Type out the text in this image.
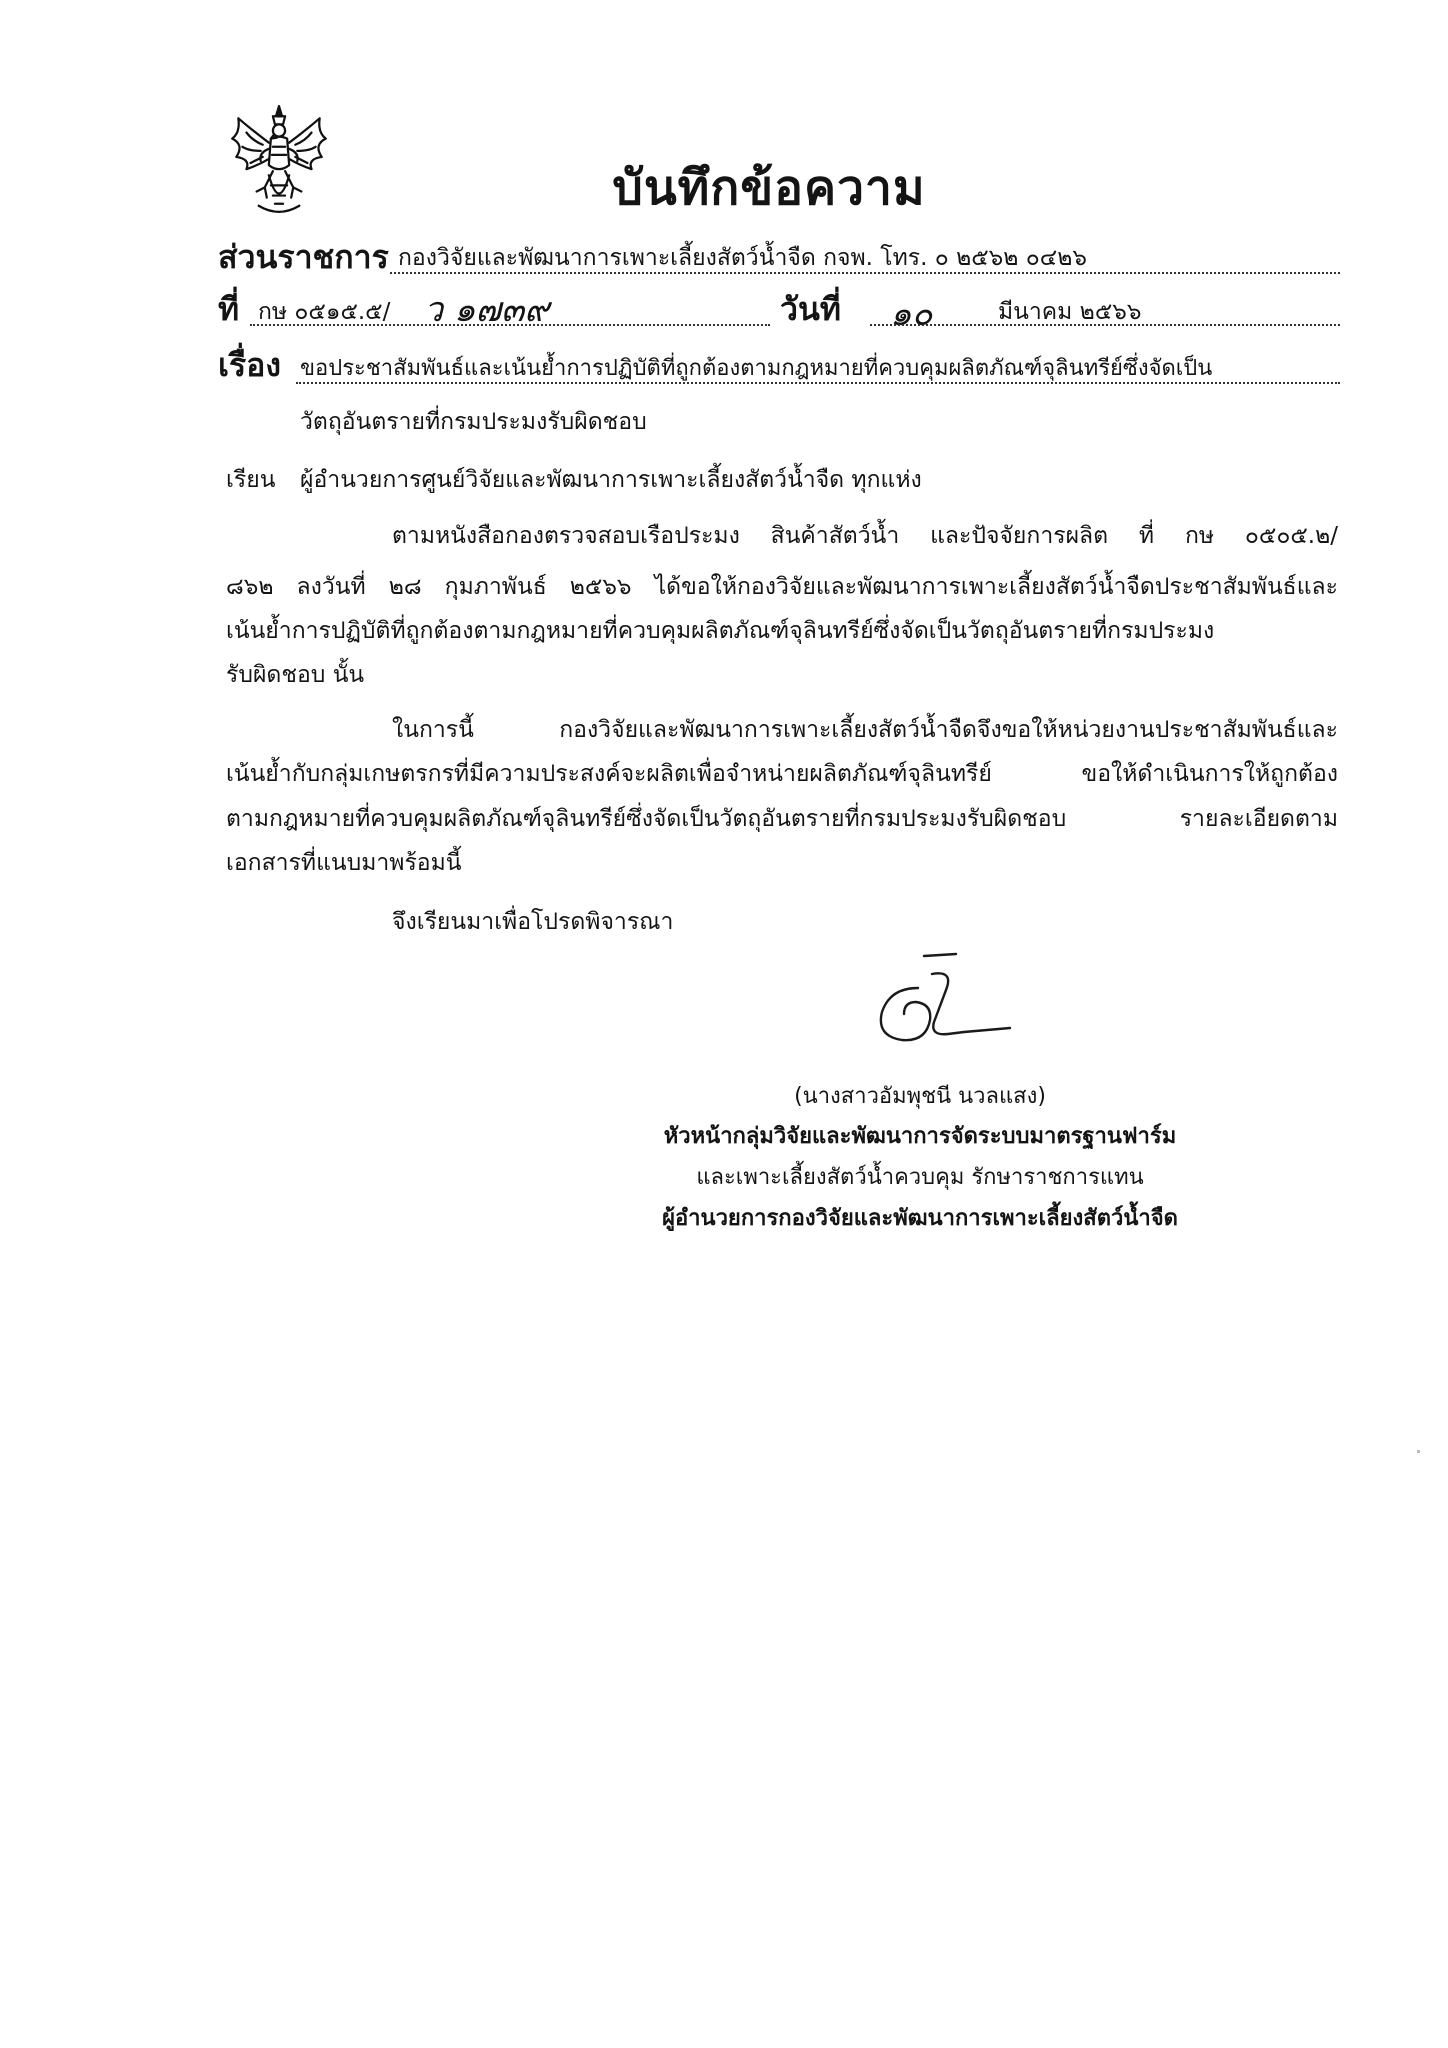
บันทึกข้อความ
ส่วนราชการ กองวิจัยและพัฒนาการเพาะเลี้ยงสัตว์น้ำจืด กจพ. โทร. ๐ ๒๕๖๒ ๐๔๒๖
ที่ กษ ๐๕๑๕.๕/ ว ๑๗๓๙	วันที่ ๑๐	มีนาคม ๒๕๖๖
เรื่อง ขอประชาสัมพันธ์และเน้นย้ำการปฏิบัติที่ถูกต้องตามกฎหมายที่ควบคุมผลิตภัณฑ์จุลินทรีย์ซึ่งจัดเป็น
วัตถุอันตรายที่กรมประมงรับผิดชอบ
เรียน ผู้อำนวยการศูนย์วิจัยและพัฒนาการเพาะเลี้ยงสัตว์น้ำจืด ทุกแห่ง
ตามหนังสือกองตรวจสอบเรือประมง สินค้าสัตว์น้ำ และปัจจัยการผลิต ที่ กษ ๐๕๐๕.๒/
๘๖๒ ลงวันที่ ๒๘ กุมภาพันธ์ ๒๕๖๖ ได้ขอให้กองวิจัยและพัฒนาการเพาะเลี้ยงสัตว์น้ำจืดประชาสัมพันธ์และ
เน้นย้ำการปฏิบัติที่ถูกต้องตามกฎหมายที่ควบคุมผลิตภัณฑ์จุลินทรีย์ซึ่งจัดเป็นวัตถุอันตรายที่กรมประมง
รับผิดชอบ นั้น
ในการนี้ กองวิจัยและพัฒนาการเพาะเลี้ยงสัตว์น้ำจืดจึงขอให้หน่วยงานประชาสัมพันธ์และ
เน้นย้ำกับกลุ่มเกษตรกรที่มีความประสงค์จะผลิตเพื่อจำหน่ายผลิตภัณฑ์จุลินทรีย์ ขอให้ดำเนินการให้ถูกต้อง
ตามกฎหมายที่ควบคุมผลิตภัณฑ์จุลินทรีย์ซึ่งจัดเป็นวัตถุอันตรายที่กรมประมงรับผิดชอบ รายละเอียดตาม
เอกสารที่แนบมาพร้อมนี้
จึงเรียนมาเพื่อโปรดพิจารณา
(นางสาวอัมพุชนี นวลแสง)
หัวหน้ากลุ่มวิจัยและพัฒนาการจัดระบบมาตรฐานฟาร์ม
และเพาะเลี้ยงสัตว์น้ำควบคุม รักษาราชการแทน
ผู้อำนวยการกองวิจัยและพัฒนาการเพาะเลี้ยงสัตว์น้ำจืด
